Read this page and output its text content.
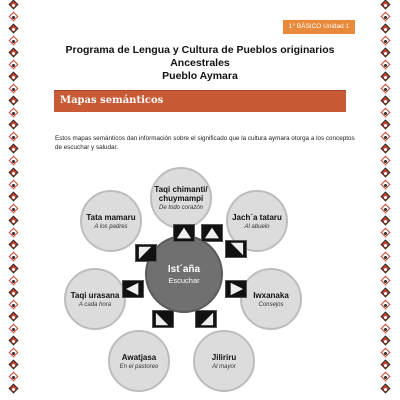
1° BÁSICO Unidad 1
Programa de Lengua y Cultura de Pueblos originarios Ancestrales
Pueblo Aymara
Mapas semánticos
Estos mapas semánticos dan información sobre el significado que la cultura aymara otorga a los conceptos de escuchar y saludar.
Taqi chimanti/ chuymampi
De todo corazón
Jach´a tataru
Al abuelo
Iwxanaka
Consejos
Jiliriru
Al mayor
Awatjasa
En el pastoreo
Taqi urasana
A cada hora
Tata mamaru
A los padres
Ist´aña
Escuchar
